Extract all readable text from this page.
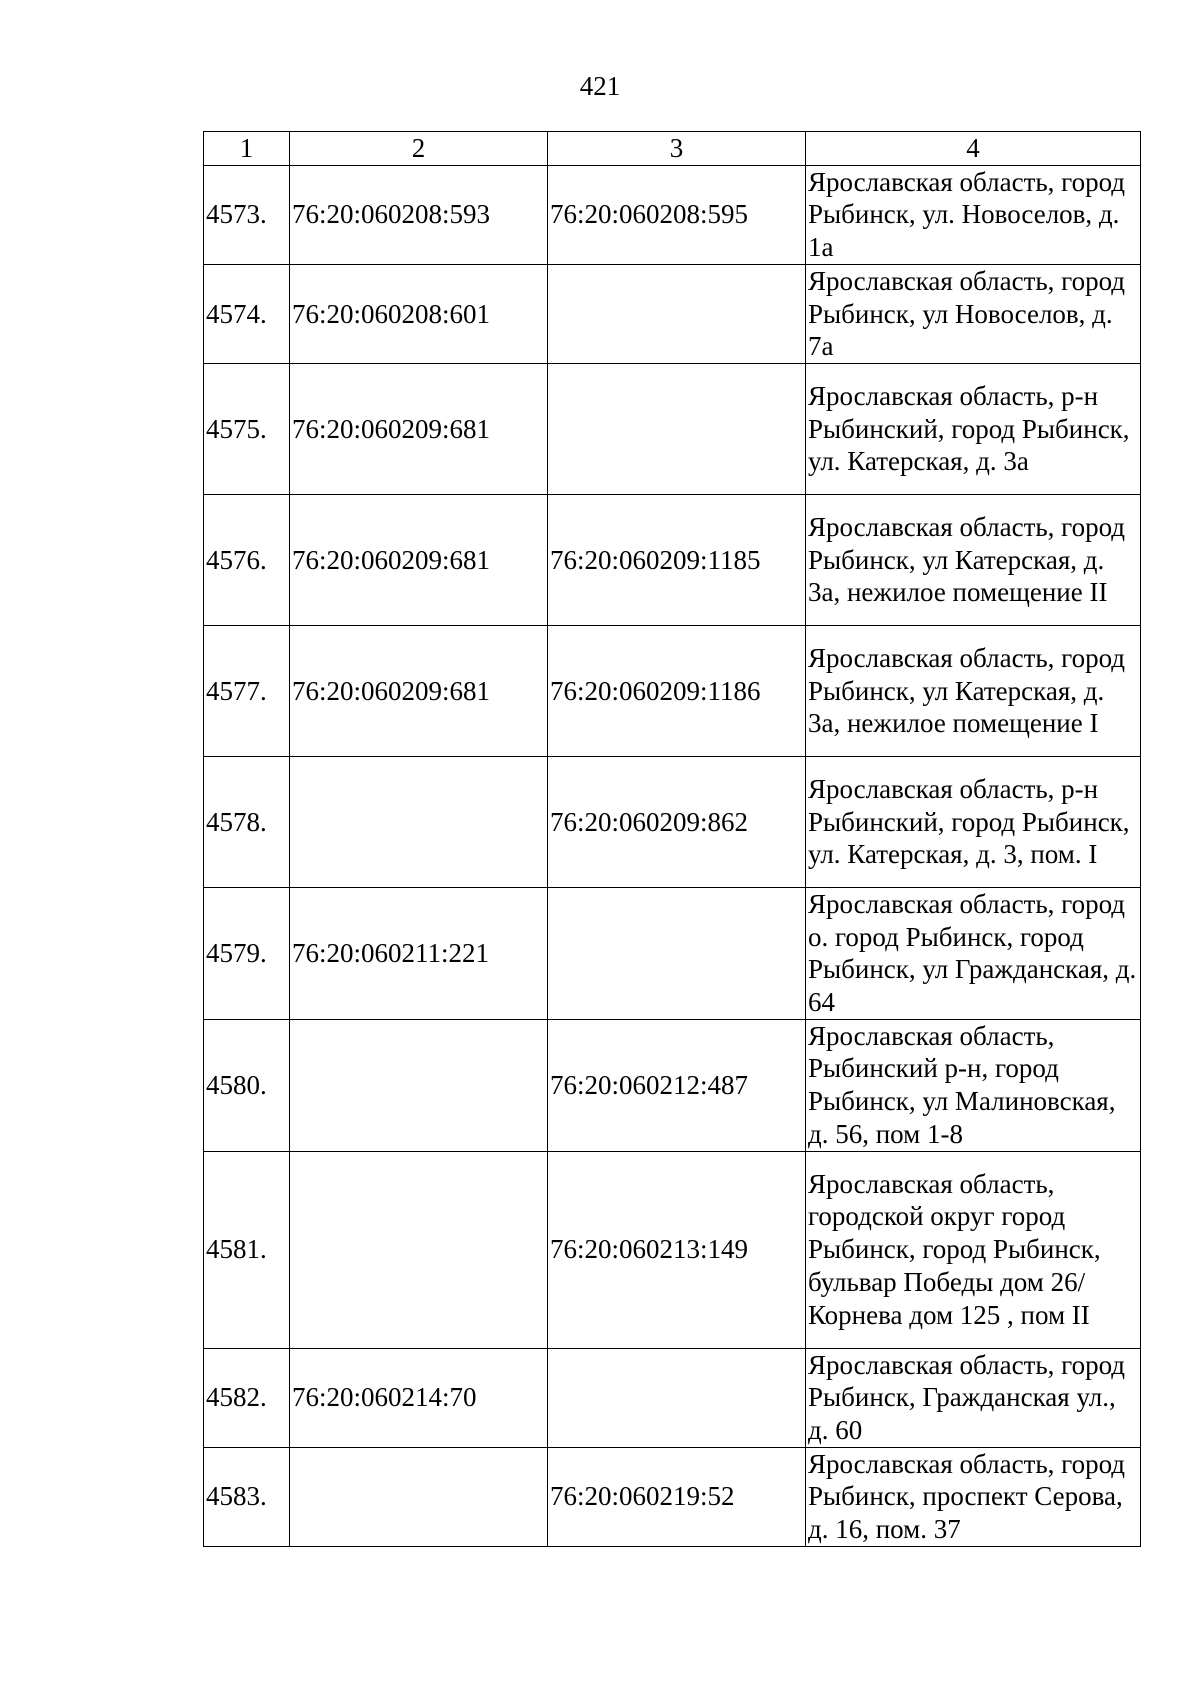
421
1	2	3	4
4573.	76:20:060208:593	76:20:060208:595	Ярославская область, город Рыбинск, ул. Новоселов, д. 1а
4574.	76:20:060208:601		Ярославская область, город Рыбинск, ул Новоселов, д. 7а
4575.	76:20:060209:681		Ярославская область, р-н Рыбинский, город Рыбинск, ул. Катерская, д. 3а
4576.	76:20:060209:681	76:20:060209:1185	Ярославская область, город Рыбинск, ул Катерская, д. 3а, нежилое помещение II
4577.	76:20:060209:681	76:20:060209:1186	Ярославская область, город Рыбинск, ул Катерская, д. 3а, нежилое помещение I
4578.		76:20:060209:862	Ярославская область, р-н Рыбинский, город Рыбинск, ул. Катерская, д. 3, пом. I
4579.	76:20:060211:221		Ярославская область, город о. город Рыбинск, город Рыбинск, ул Гражданская, д. 64
4580.		76:20:060212:487	Ярославская область, Рыбинский р-н, город Рыбинск, ул Малиновская, д. 56, пом 1-8
4581.		76:20:060213:149	Ярославская область, городской округ город Рыбинск, город Рыбинск, бульвар Победы дом 26/Корнева дом 125 , пом II
4582.	76:20:060214:70		Ярославская область, город Рыбинск, Гражданская ул., д. 60
4583.		76:20:060219:52	Ярославская область, город Рыбинск, проспект Серова, д. 16, пом. 37
